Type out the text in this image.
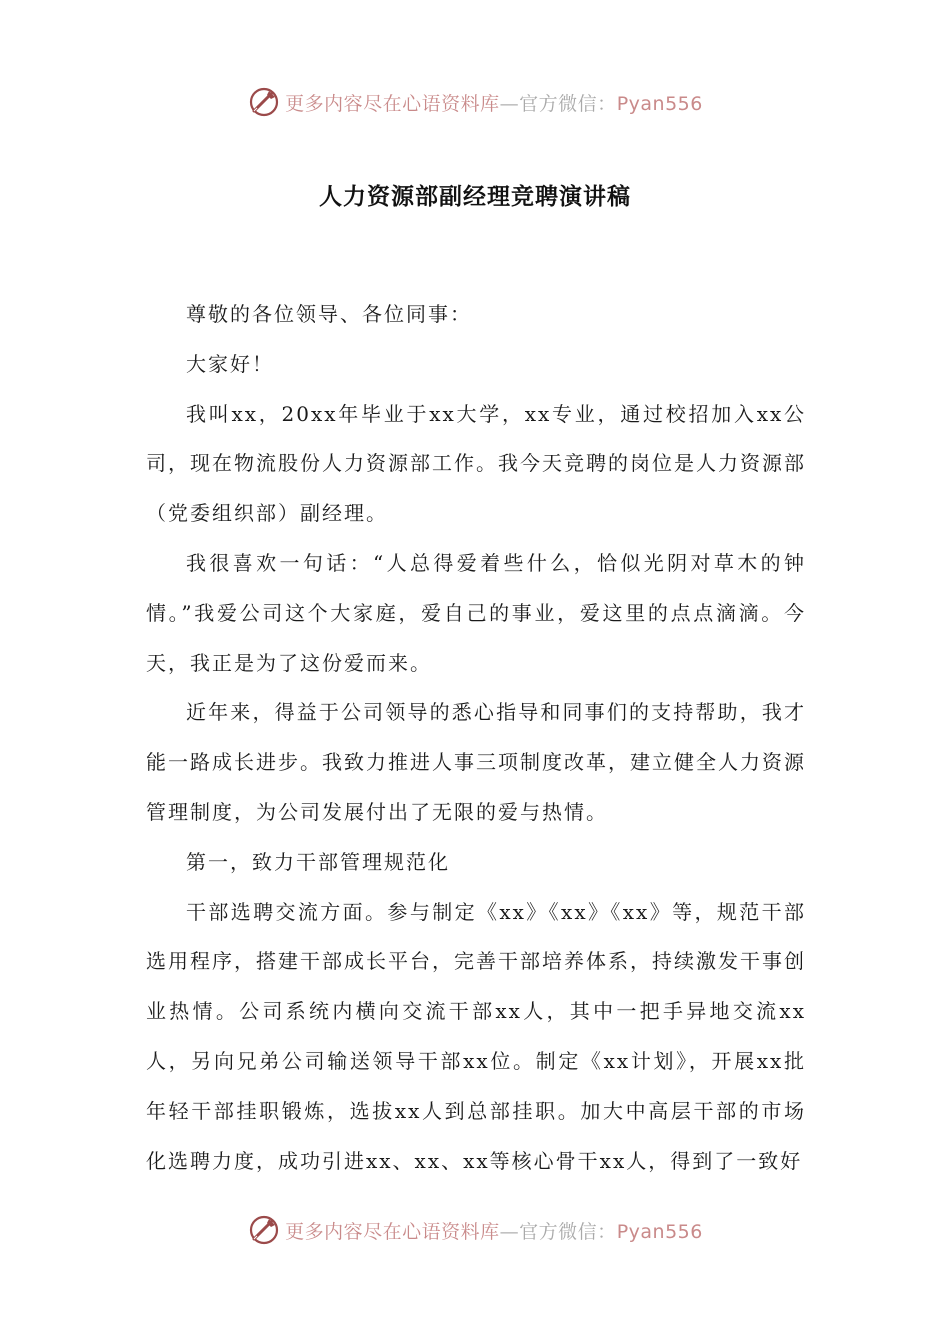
更多内容尽在心语资料库—官方微信：Pyan556
人力资源部副经理竞聘演讲稿

尊敬的各位领导、各位同事：

大家好！

我叫xx，20xx年毕业于xx大学，xx专业，通过校招加入xx公司，现在物流股份人力资源部工作。我今天竞聘的岗位是人力资源部（党委组织部）副经理。

我很喜欢一句话：“人总得爱着些什么，恰似光阴对草木的钟情。”我爱公司这个大家庭，爱自己的事业，爱这里的点点滴滴。今天，我正是为了这份爱而来。

近年来，得益于公司领导的悉心指导和同事们的支持帮助，我才能一路成长进步。我致力推进人事三项制度改革，建立健全人力资源管理制度，为公司发展付出了无限的爱与热情。

第一，致力干部管理规范化

干部选聘交流方面。参与制定《xx》《xx》《xx》等，规范干部选用程序，搭建干部成长平台，完善干部培养体系，持续激发干事创业热情。公司系统内横向交流干部xx人，其中一把手异地交流xx人，另向兄弟公司输送领导干部xx位。制定《xx计划》，开展xx批年轻干部挂职锻炼，选拔xx人到总部挂职。加大中高层干部的市场化选聘力度，成功引进xx、xx、xx等核心骨干xx人，得到了一致好

更多内容尽在心语资料库—官方微信：Pyan556
